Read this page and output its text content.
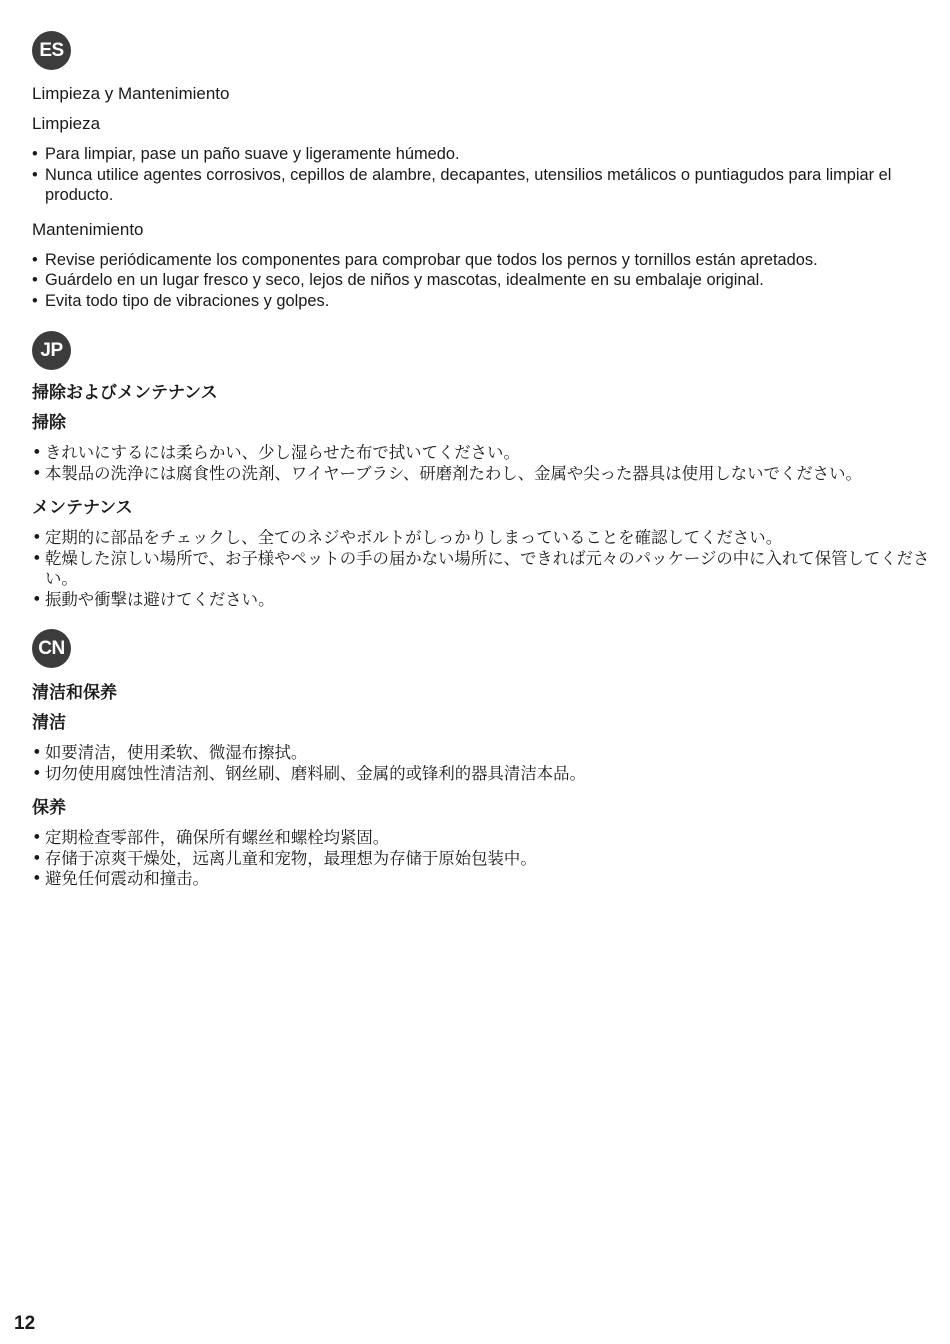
ES
Limpieza y Mantenimiento
Limpieza
• Para limpiar, pase un paño suave y ligeramente húmedo.
• Nunca utilice agentes corrosivos, cepillos de alambre, decapantes, utensilios metálicos o puntiagudos para limpiar el producto.
Mantenimiento
• Revise periódicamente los componentes para comprobar que todos los pernos y tornillos están apretados.
• Guárdelo en un lugar fresco y seco, lejos de niños y mascotas, idealmente en su embalaje original.
• Evita todo tipo de vibraciones y golpes.
JP
掃除およびメンテナンス
掃除
• きれいにするには柔らかい、少し湿らせた布で拭いてください。
• 本製品の洗浄には腐食性の洗剤、ワイヤーブラシ、研磨剤たわし、金属や尖った器具は使用しないでください。
メンテナンス
• 定期的に部品をチェックし、全てのネジやボルトがしっかりしまっていることを確認してください。
• 乾燥した涼しい場所で、お子様やペットの手の届かない場所に、できれば元々のパッケージの中に入れて保管してください。
• 振動や衝撃は避けてください。
CN
清洁和保养
清洁
• 如要清洁，使用柔软、微湿布擦拭。
• 切勿使用腐蚀性清洁剂、钢丝刷、磨料刷、金属的或锋利的器具清洁本品。
保养
• 定期检查零部件，确保所有螺丝和螺栓均紧固。
• 存储于凉爽干燥处，远离儿童和宠物，最理想为存储于原始包装中。
• 避免任何震动和撞击。
12
